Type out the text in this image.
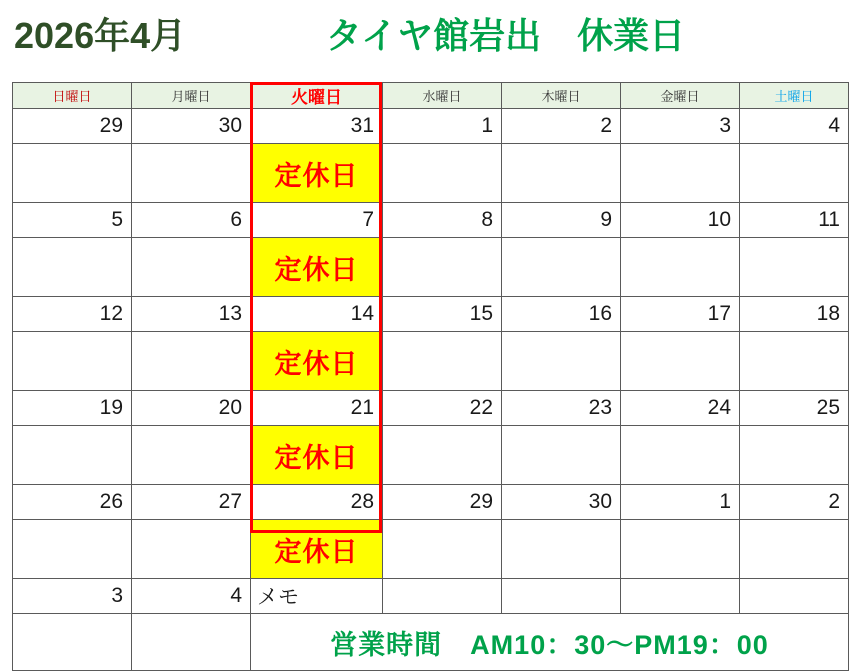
2026年4月	タイヤ館岩出　休業日
日曜日	月曜日	火曜日	水曜日	木曜日	金曜日	土曜日
29	30	31	1	2	3	4
		定休日				
5	6	7	8	9	10	11
		定休日				
12	13	14	15	16	17	18
		定休日				
19	20	21	22	23	24	25
		定休日				
26	27	28	29	30	1	2
		定休日				
3	4	メモ				
		営業時間　AM10：30〜PM19：00				
